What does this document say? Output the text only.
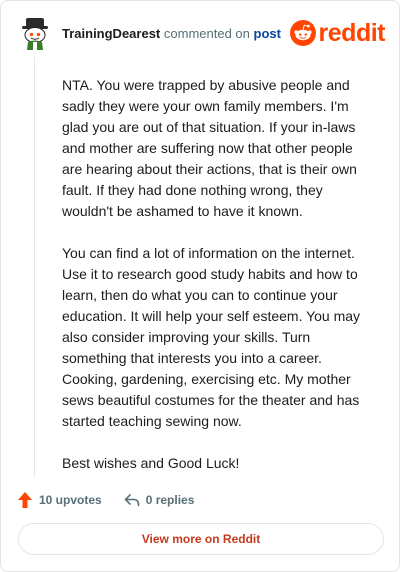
TrainingDearest commented on post reddit

NTA. You were trapped by abusive people and sadly they were your own family members. I'm glad you are out of that situation. If your in-laws and mother are suffering now that other people are hearing about their actions, that is their own fault. If they had done nothing wrong, they wouldn't be ashamed to have it known.

You can find a lot of information on the internet. Use it to research good study habits and how to learn, then do what you can to continue your education. It will help your self esteem. You may also consider improving your skills. Turn something that interests you into a career. Cooking, gardening, exercising etc. My mother sews beautiful costumes for the theater and has started teaching sewing now.

Best wishes and Good Luck!

10 upvotes	0 replies
View more on Reddit
